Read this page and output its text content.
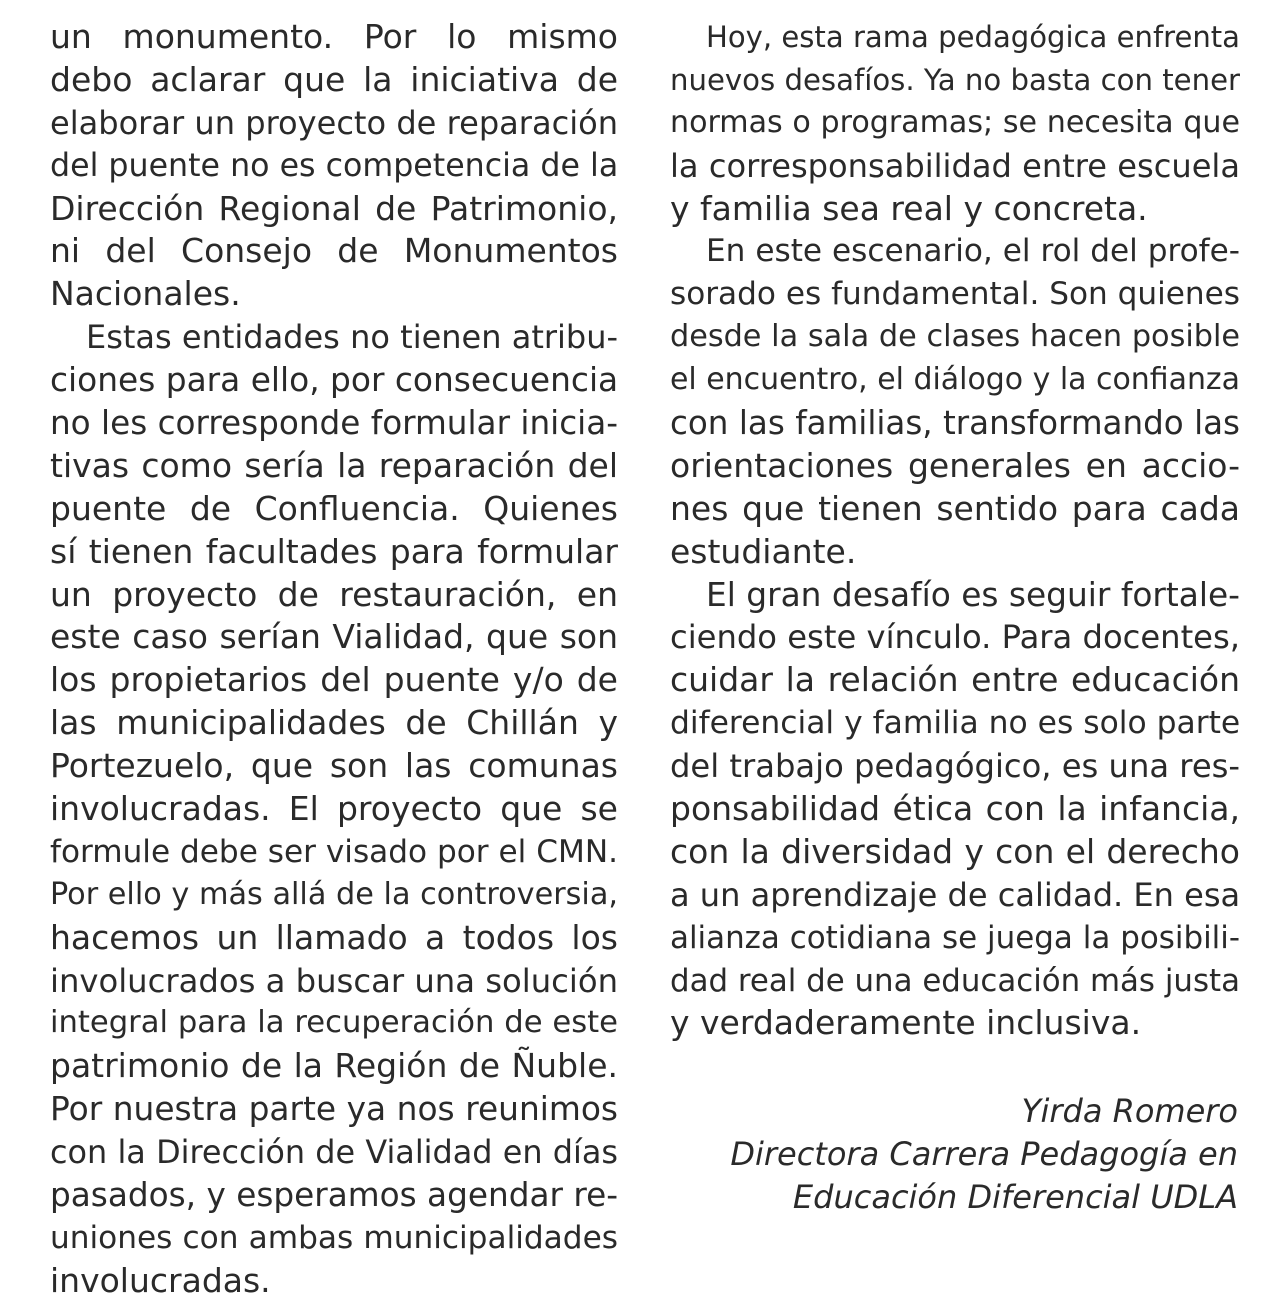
un monumento. Por lo mismo
debo aclarar que la iniciativa de
elaborar un proyecto de reparación
del puente no es competencia de la
Dirección Regional de Patrimonio,
ni del Consejo de Monumentos
Nacionales.
Estas entidades no tienen atribu-
ciones para ello, por consecuencia
no les corresponde formular inicia-
tivas como sería la reparación del
puente de Confluencia. Quienes
sí tienen facultades para formular
un proyecto de restauración, en
este caso serían Vialidad, que son
los propietarios del puente y/o de
las municipalidades de Chillán y
Portezuelo, que son las comunas
involucradas. El proyecto que se
formule debe ser visado por el CMN.
Por ello y más allá de la controversia,
hacemos un llamado a todos los
involucrados a buscar una solución
integral para la recuperación de este
patrimonio de la Región de Ñuble.
Por nuestra parte ya nos reunimos
con la Dirección de Vialidad en días
pasados, y esperamos agendar re-
uniones con ambas municipalidades
involucradas.
Hoy, esta rama pedagógica enfrenta
nuevos desafíos. Ya no basta con tener
normas o programas; se necesita que
la corresponsabilidad entre escuela
y familia sea real y concreta.
En este escenario, el rol del profe-
sorado es fundamental. Son quienes
desde la sala de clases hacen posible
el encuentro, el diálogo y la confianza
con las familias, transformando las
orientaciones generales en accio-
nes que tienen sentido para cada
estudiante.
El gran desafío es seguir fortale-
ciendo este vínculo. Para docentes,
cuidar la relación entre educación
diferencial y familia no es solo parte
del trabajo pedagógico, es una res-
ponsabilidad ética con la infancia,
con la diversidad y con el derecho
a un aprendizaje de calidad. En esa
alianza cotidiana se juega la posibili-
dad real de una educación más justa
y verdaderamente inclusiva.
Yirda Romero
Directora Carrera Pedagogía en
Educación Diferencial UDLA
